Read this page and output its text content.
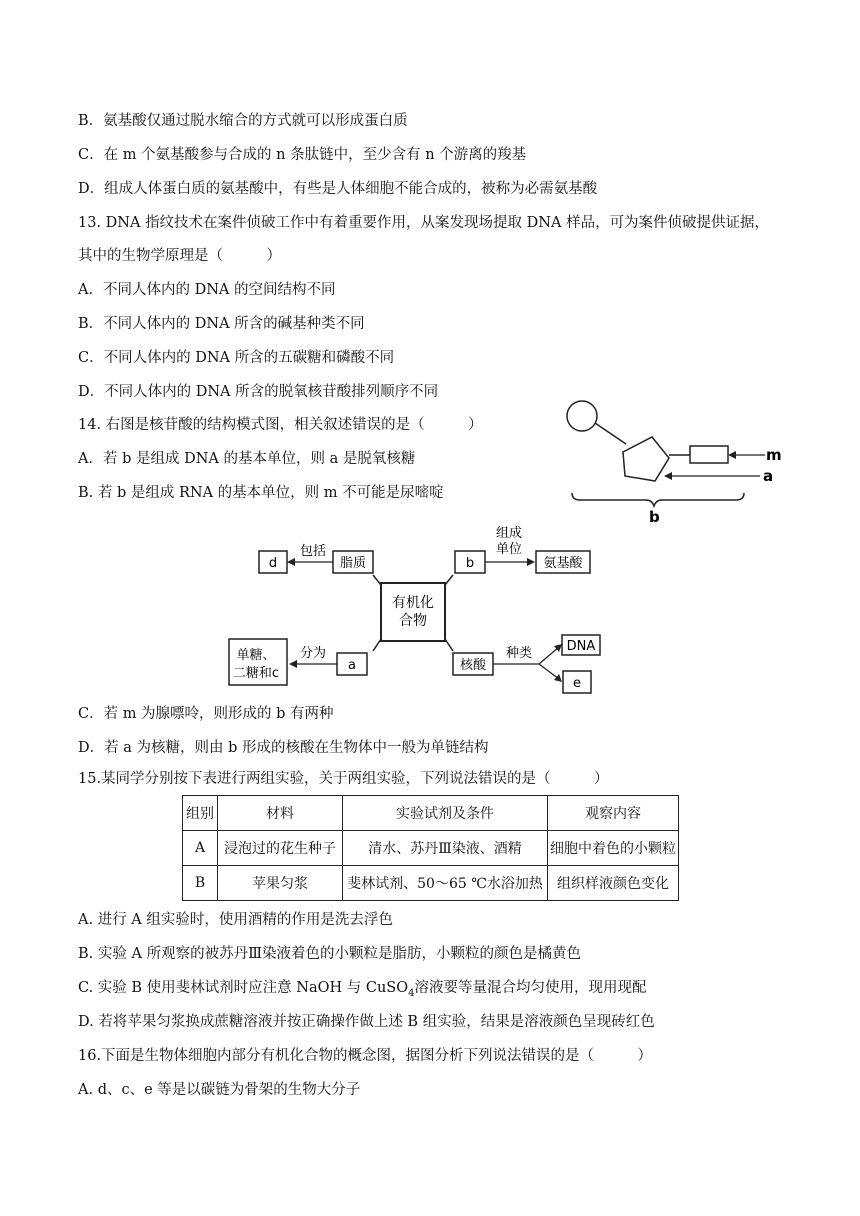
B．氨基酸仅通过脱水缩合的方式就可以形成蛋白质
C．在 m 个氨基酸参与合成的 n 条肽链中，至少含有 n 个游离的羧基
D．组成人体蛋白质的氨基酸中，有些是人体细胞不能合成的，被称为必需氨基酸
13. DNA 指纹技术在案件侦破工作中有着重要作用，从案发现场提取 DNA 样品，可为案件侦破提供证据，
其中的生物学原理是（　　　）
A．不同人体内的 DNA 的空间结构不同
B．不同人体内的 DNA 所含的碱基种类不同
C．不同人体内的 DNA 所含的五碳糖和磷酸不同
D．不同人体内的 DNA 所含的脱氧核苷酸排列顺序不同
14. 右图是核苷酸的结构模式图，相关叙述错误的是（　　　）
A．若 b 是组成 DNA 的基本单位，则 a 是脱氧核糖
B. 若 b 是组成 RNA 的基本单位，则 m 不可能是尿嘧啶
m
a
b
有机化
合物
脂质
包括
d	b
组成
单位
氨基酸
a
分为
单糖、
二糖和c
核酸
种类	DNA
e
C．若 m 为腺嘌呤，则形成的 b 有两种
D．若 a 为核糖，则由 b 形成的核酸在生物体中一般为单链结构
15.某同学分别按下表进行两组实验，关于两组实验，下列说法错误的是（　　　）
组别	材料	实验试剂及条件	观察内容
A	浸泡过的花生种子	清水、苏丹Ⅲ染液、酒精	细胞中着色的小颗粒
B	苹果匀浆	斐林试剂、50～65 ℃水浴加热	组织样液颜色变化
A. 进行 A 组实验时，使用酒精的作用是洗去浮色
B. 实验 A 所观察的被苏丹Ⅲ染液着色的小颗粒是脂肪，小颗粒的颜色是橘黄色
C. 实验 B 使用斐林试剂时应注意 NaOH 与 CuSO$_4$溶液要等量混合均匀使用，现用现配
D. 若将苹果匀浆换成蔗糖溶液并按正确操作做上述 B 组实验，结果是溶液颜色呈现砖红色
16.下面是生物体细胞内部分有机化合物的概念图，据图分析下列说法错误的是（　　　）
A. d、c、e 等是以碳链为骨架的生物大分子
